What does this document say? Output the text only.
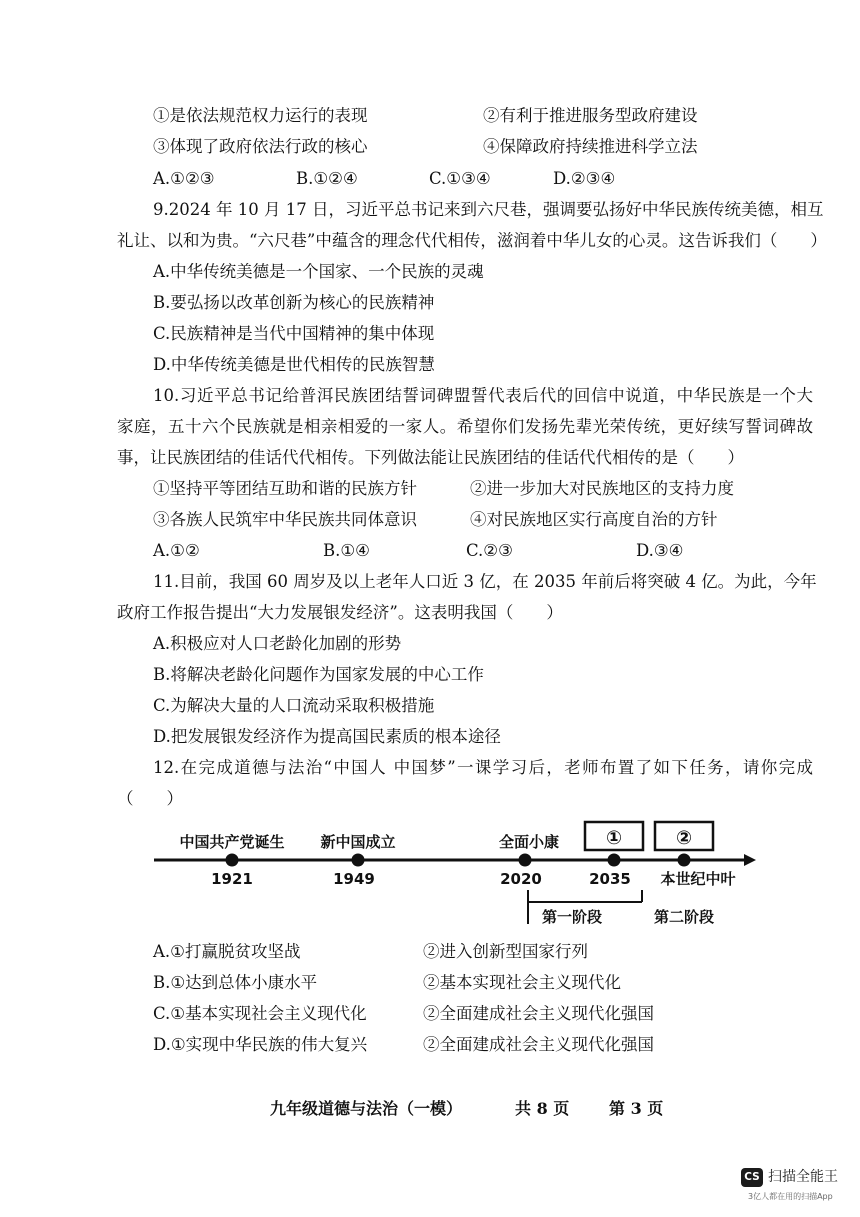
①是依法规范权力运行的表现	②有利于推进服务型政府建设
③体现了政府依法行政的核心	④保障政府持续推进科学立法
A.①②③	B.①②④	C.①③④	D.②③④
9.2024 年 10 月 17 日，习近平总书记来到六尺巷，强调要弘扬好中华民族传统美德，相互
礼让、以和为贵。“六尺巷”中蕴含的理念代代相传，滋润着中华儿女的心灵。这告诉我们（　　）
A.中华传统美德是一个国家、一个民族的灵魂
B.要弘扬以改革创新为核心的民族精神
C.民族精神是当代中国精神的集中体现
D.中华传统美德是世代相传的民族智慧
10.习近平总书记给普洱民族团结誓词碑盟誓代表后代的回信中说道，中华民族是一个大
家庭，五十六个民族就是相亲相爱的一家人。希望你们发扬先辈光荣传统，更好续写誓词碑故
事，让民族团结的佳话代代相传。下列做法能让民族团结的佳话代代相传的是（　　）
①坚持平等团结互助和谐的民族方针	②进一步加大对民族地区的支持力度
③各族人民筑牢中华民族共同体意识	④对民族地区实行高度自治的方针
A.①②	B.①④	C.②③	D.③④
11.目前，我国 60 周岁及以上老年人口近 3 亿，在 2035 年前后将突破 4 亿。为此，今年
政府工作报告提出“大力发展银发经济”。这表明我国（　　）
A.积极应对人口老龄化加剧的形势
B.将解决老龄化问题作为国家发展的中心工作
C.为解决大量的人口流动采取积极措施
D.把发展银发经济作为提高国民素质的根本途径
12.在完成道德与法治“中国人 中国梦”一课学习后，老师布置了如下任务，请你完成
（　　）
中国共产党诞生 新中国成立	全面小康 ①	②
1921	1949	2020	2035 本世纪中叶
第一阶段	第二阶段
A.①打赢脱贫攻坚战	②进入创新型国家行列
B.①达到总体小康水平	②基本实现社会主义现代化
C.①基本实现社会主义现代化	②全面建成社会主义现代化强国
D.①实现中华民族的伟大复兴	②全面建成社会主义现代化强国
九年级道德与法治（一模）	共 8 页 第 3 页
CS 扫描全能王
3亿人都在用的扫描App
